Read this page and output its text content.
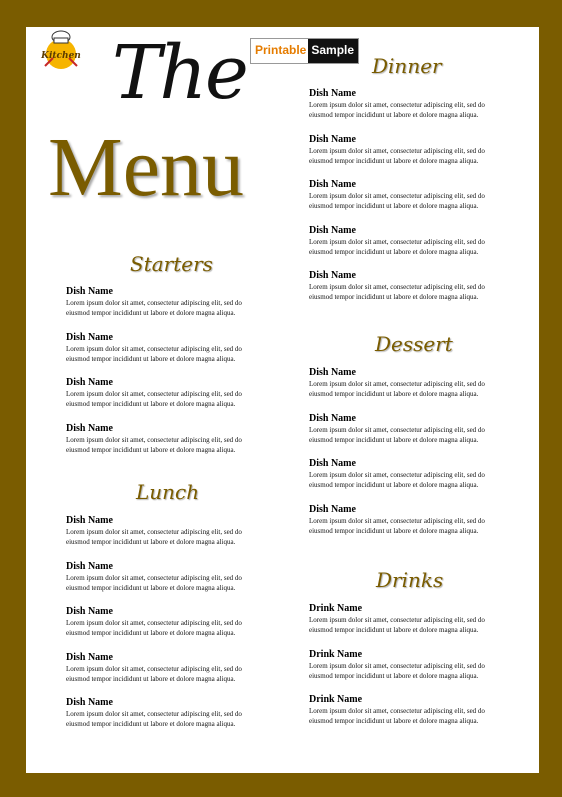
Kitchen	Printable Sample
The
Menu
Starters
Dish Name
Lorem ipsum dolor sit amet, consectetur adipiscing elit, sed do eiusmod tempor incididunt ut labore et dolore magna aliqua.
Dish Name
Lorem ipsum dolor sit amet, consectetur adipiscing elit, sed do eiusmod tempor incididunt ut labore et dolore magna aliqua.
Dish Name
Lorem ipsum dolor sit amet, consectetur adipiscing elit, sed do eiusmod tempor incididunt ut labore et dolore magna aliqua.
Dish Name
Lorem ipsum dolor sit amet, consectetur adipiscing elit, sed do eiusmod tempor incididunt ut labore et dolore magna aliqua.
Lunch
Dish Name
Lorem ipsum dolor sit amet, consectetur adipiscing elit, sed do eiusmod tempor incididunt ut labore et dolore magna aliqua.
Dish Name
Lorem ipsum dolor sit amet, consectetur adipiscing elit, sed do eiusmod tempor incididunt ut labore et dolore magna aliqua.
Dish Name
Lorem ipsum dolor sit amet, consectetur adipiscing elit, sed do eiusmod tempor incididunt ut labore et dolore magna aliqua.
Dish Name
Lorem ipsum dolor sit amet, consectetur adipiscing elit, sed do eiusmod tempor incididunt ut labore et dolore magna aliqua.
Dish Name
Lorem ipsum dolor sit amet, consectetur adipiscing elit, sed do eiusmod tempor incididunt ut labore et dolore magna aliqua.
Dinner
Dish Name
Lorem ipsum dolor sit amet, consectetur adipiscing elit, sed do eiusmod tempor incididunt ut labore et dolore magna aliqua.
Dish Name
Lorem ipsum dolor sit amet, consectetur adipiscing elit, sed do eiusmod tempor incididunt ut labore et dolore magna aliqua.
Dish Name
Lorem ipsum dolor sit amet, consectetur adipiscing elit, sed do eiusmod tempor incididunt ut labore et dolore magna aliqua.
Dish Name
Lorem ipsum dolor sit amet, consectetur adipiscing elit, sed do eiusmod tempor incididunt ut labore et dolore magna aliqua.
Dish Name
Lorem ipsum dolor sit amet, consectetur adipiscing elit, sed do eiusmod tempor incididunt ut labore et dolore magna aliqua.
Dessert
Dish Name
Lorem ipsum dolor sit amet, consectetur adipiscing elit, sed do eiusmod tempor incididunt ut labore et dolore magna aliqua.
Dish Name
Lorem ipsum dolor sit amet, consectetur adipiscing elit, sed do eiusmod tempor incididunt ut labore et dolore magna aliqua.
Dish Name
Lorem ipsum dolor sit amet, consectetur adipiscing elit, sed do eiusmod tempor incididunt ut labore et dolore magna aliqua.
Dish Name
Lorem ipsum dolor sit amet, consectetur adipiscing elit, sed do eiusmod tempor incididunt ut labore et dolore magna aliqua.
Drinks
Drink Name
Lorem ipsum dolor sit amet, consectetur adipiscing elit, sed do eiusmod tempor incididunt ut labore et dolore magna aliqua.
Drink Name
Lorem ipsum dolor sit amet, consectetur adipiscing elit, sed do eiusmod tempor incididunt ut labore et dolore magna aliqua.
Drink Name
Lorem ipsum dolor sit amet, consectetur adipiscing elit, sed do eiusmod tempor incididunt ut labore et dolore magna aliqua.
